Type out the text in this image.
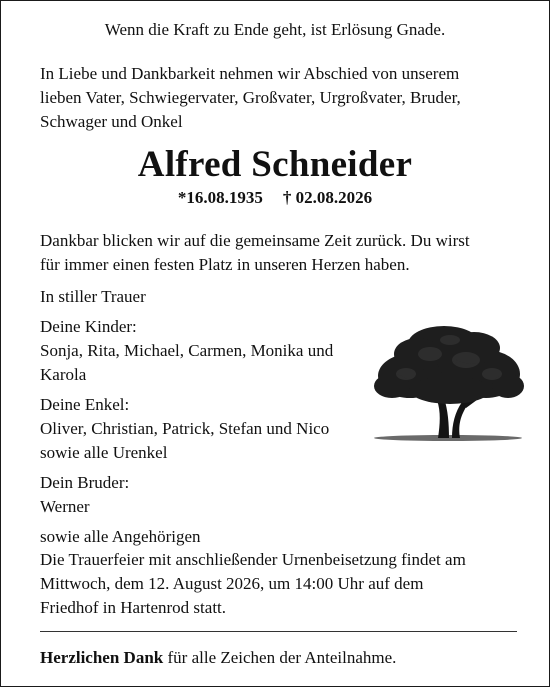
Wenn die Kraft zu Ende geht, ist Erlösung Gnade.
In Liebe und Dankbarkeit nehmen wir Abschied von unserem
lieben Vater, Schwiegervater, Großvater, Urgroßvater, Bruder,
Schwager und Onkel
Alfred Schneider
*16.08.1935 † 02.08.2026
Dankbar blicken wir auf die gemeinsame Zeit zurück. Du wirst
für immer einen festen Platz in unseren Herzen haben.
In stiller Trauer
Deine Kinder:
Sonja, Rita, Michael, Carmen, Monika und
Karola
Deine Enkel:
Oliver, Christian, Patrick, Stefan und Nico
sowie alle Urenkel
Dein Bruder:
Werner
sowie alle Angehörigen
Die Trauerfeier mit anschließender Urnenbeisetzung findet am
Mittwoch, dem 12. August 2026, um 14:00 Uhr auf dem
Friedhof in Hartenrod statt.
Herzlichen Dank für alle Zeichen der Anteilnahme.
